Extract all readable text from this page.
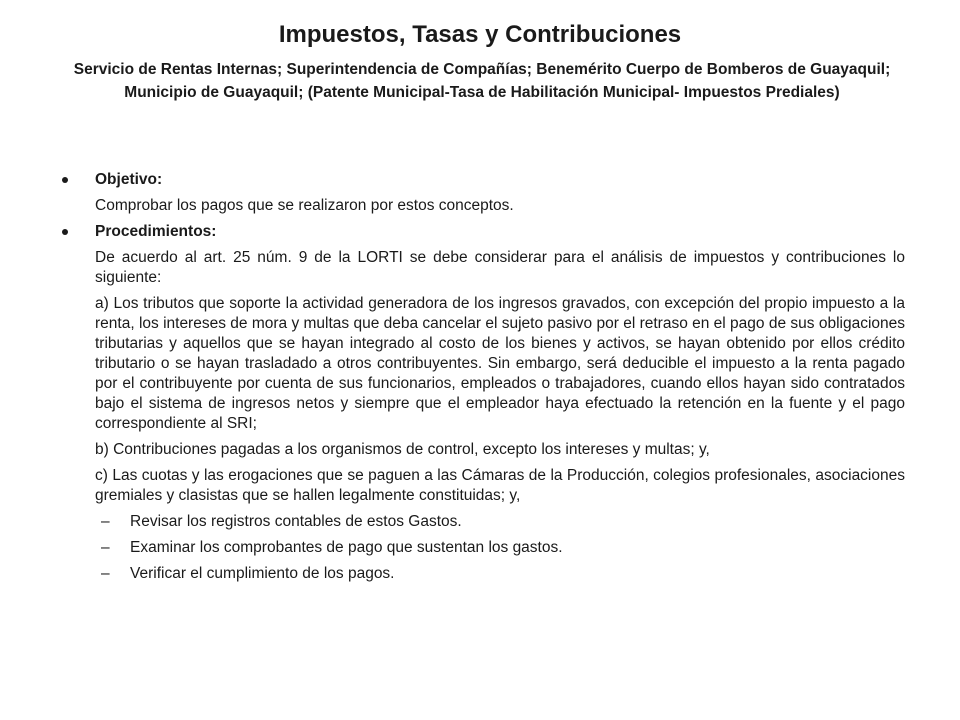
Impuestos, Tasas y Contribuciones
Servicio de Rentas Internas; Superintendencia de Compañías; Benemérito Cuerpo de Bomberos de Guayaquil; Municipio de Guayaquil; (Patente Municipal-Tasa de Habilitación Municipal- Impuestos Prediales)
Objetivo:
Comprobar los pagos que se realizaron por estos conceptos.
Procedimientos:
De acuerdo al art. 25 núm. 9 de la LORTI se debe considerar para el análisis de impuestos y contribuciones lo siguiente:
a) Los tributos que soporte la actividad generadora de los ingresos gravados, con excepción del propio impuesto a la renta, los intereses de mora y multas que deba cancelar el sujeto pasivo por el retraso en el pago de sus obligaciones tributarias y aquellos que se hayan integrado al costo de los bienes y activos, se hayan obtenido por ellos crédito tributario o se hayan trasladado a otros contribuyentes. Sin embargo, será deducible el impuesto a la renta pagado por el contribuyente por cuenta de sus funcionarios, empleados o trabajadores, cuando ellos hayan sido contratados bajo el sistema de ingresos netos y siempre que el empleador haya efectuado la retención en la fuente y el pago correspondiente al SRI;
b) Contribuciones pagadas a los organismos de control, excepto los intereses y multas; y,
c) Las cuotas y las erogaciones que se paguen a las Cámaras de la Producción, colegios profesionales, asociaciones gremiales y clasistas que se hallen legalmente constituidas; y,
– Revisar los registros contables de estos Gastos.
– Examinar los comprobantes de pago que sustentan los gastos.
– Verificar el cumplimiento de los pagos.
